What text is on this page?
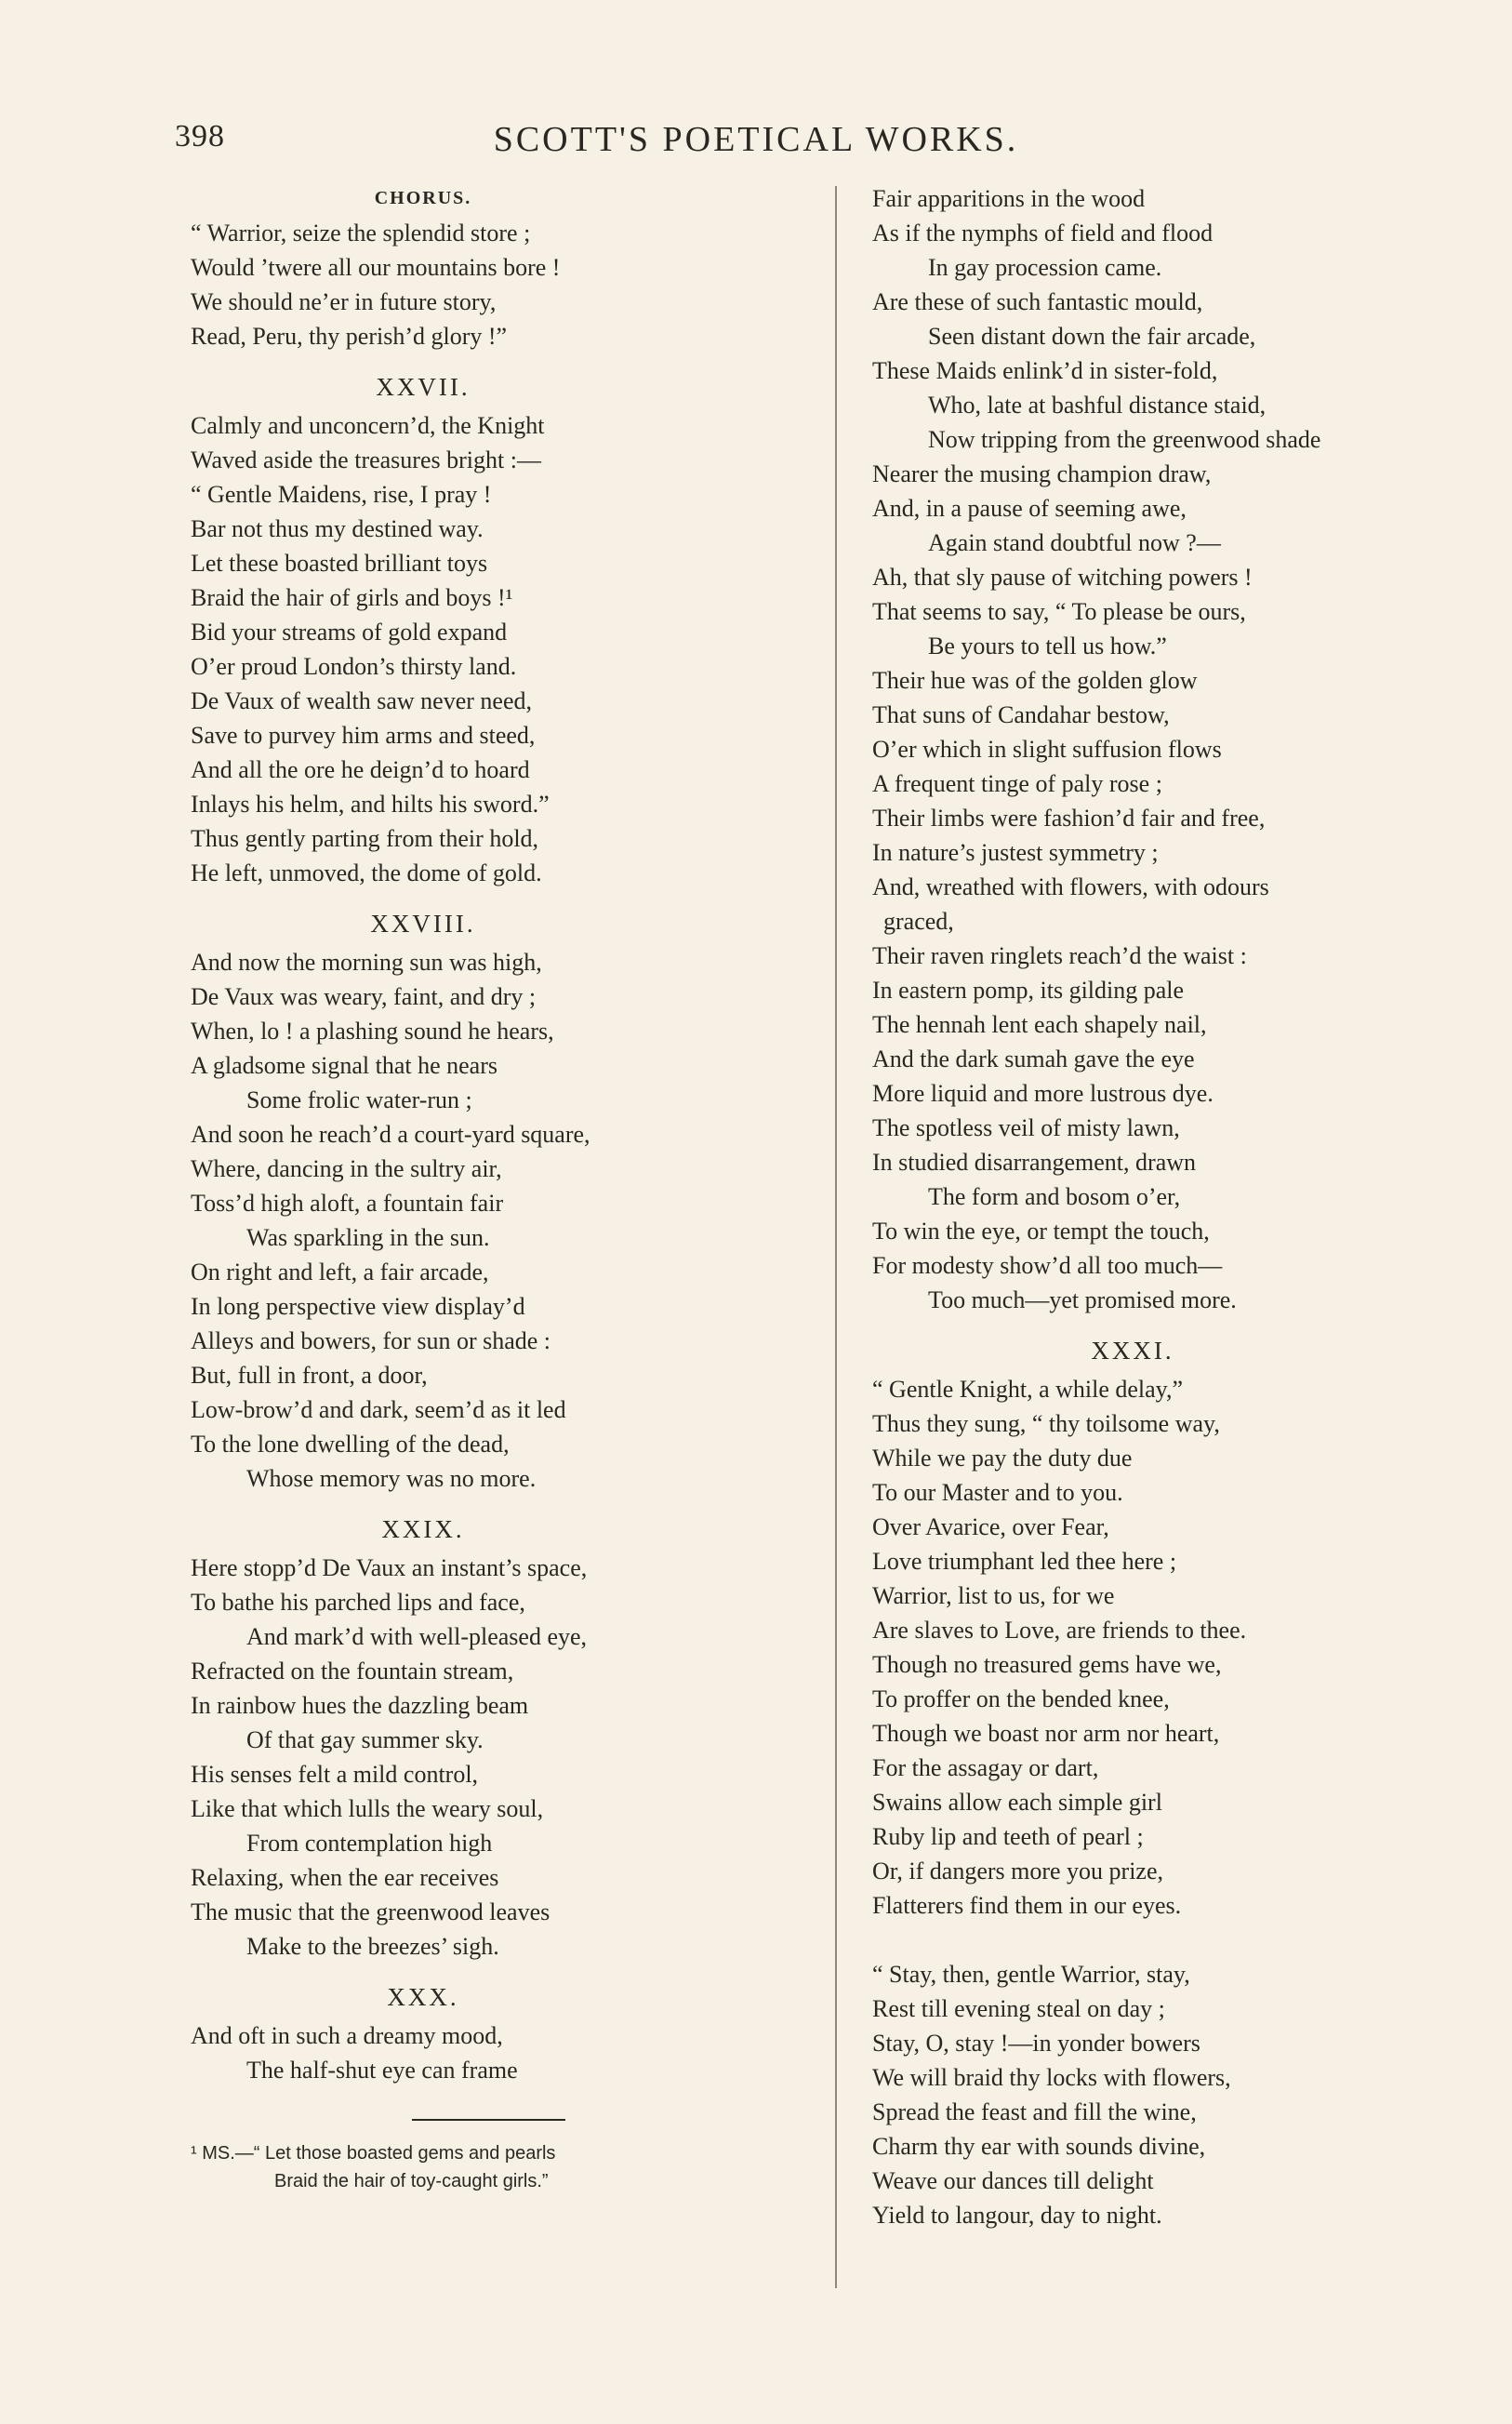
398	SCOTT'S POETICAL WORKS.
CHORUS.
“ Warrior, seize the splendid store ;
Would ’twere all our mountains bore !
We should ne’er in future story,
Read, Peru, thy perish’d glory !”
XXVII.
Calmly and unconcern’d, the Knight
Waved aside the treasures bright :—
“ Gentle Maidens, rise, I pray !
Bar not thus my destined way.
Let these boasted brilliant toys
Braid the hair of girls and boys !¹
Bid your streams of gold expand
O’er proud London’s thirsty land.
De Vaux of wealth saw never need,
Save to purvey him arms and steed,
And all the ore he deign’d to hoard
Inlays his helm, and hilts his sword.”
Thus gently parting from their hold,
He left, unmoved, the dome of gold.
XXVIII.
And now the morning sun was high,
De Vaux was weary, faint, and dry ;
When, lo ! a plashing sound he hears,
A gladsome signal that he nears
Some frolic water-run ;
And soon he reach’d a court-yard square,
Where, dancing in the sultry air,
Toss’d high aloft, a fountain fair
Was sparkling in the sun.
On right and left, a fair arcade,
In long perspective view display’d
Alleys and bowers, for sun or shade :
But, full in front, a door,
Low-brow’d and dark, seem’d as it led
To the lone dwelling of the dead,
Whose memory was no more.
XXIX.
Here stopp’d De Vaux an instant’s space,
To bathe his parched lips and face,
And mark’d with well-pleased eye,
Refracted on the fountain stream,
In rainbow hues the dazzling beam
Of that gay summer sky.
His senses felt a mild control,
Like that which lulls the weary soul,
From contemplation high
Relaxing, when the ear receives
The music that the greenwood leaves
Make to the breezes’ sigh.
XXX.
And oft in such a dreamy mood,
The half-shut eye can frame
¹ MS.—“ Let those boasted gems and pearls
Braid the hair of toy-caught girls.”
Fair apparitions in the wood
As if the nymphs of field and flood
In gay procession came.
Are these of such fantastic mould,
Seen distant down the fair arcade,
These Maids enlink’d in sister-fold,
Who, late at bashful distance staid,
Now tripping from the greenwood shade
Nearer the musing champion draw,
And, in a pause of seeming awe,
Again stand doubtful now ?—
Ah, that sly pause of witching powers !
That seems to say, “ To please be ours,
Be yours to tell us how.”
Their hue was of the golden glow
That suns of Candahar bestow,
O’er which in slight suffusion flows
A frequent tinge of paly rose ;
Their limbs were fashion’d fair and free,
In nature’s justest symmetry ;
And, wreathed with flowers, with odours
graced,
Their raven ringlets reach’d the waist :
In eastern pomp, its gilding pale
The hennah lent each shapely nail,
And the dark sumah gave the eye
More liquid and more lustrous dye.
The spotless veil of misty lawn,
In studied disarrangement, drawn
The form and bosom o’er,
To win the eye, or tempt the touch,
For modesty show’d all too much—
Too much—yet promised more.
XXXI.
“ Gentle Knight, a while delay,”
Thus they sung, “ thy toilsome way,
While we pay the duty due
To our Master and to you.
Over Avarice, over Fear,
Love triumphant led thee here ;
Warrior, list to us, for we
Are slaves to Love, are friends to thee.
Though no treasured gems have we,
To proffer on the bended knee,
Though we boast nor arm nor heart,
For the assagay or dart,
Swains allow each simple girl
Ruby lip and teeth of pearl ;
Or, if dangers more you prize,
Flatterers find them in our eyes.
“ Stay, then, gentle Warrior, stay,
Rest till evening steal on day ;
Stay, O, stay !—in yonder bowers
We will braid thy locks with flowers,
Spread the feast and fill the wine,
Charm thy ear with sounds divine,
Weave our dances till delight
Yield to langour, day to night.
